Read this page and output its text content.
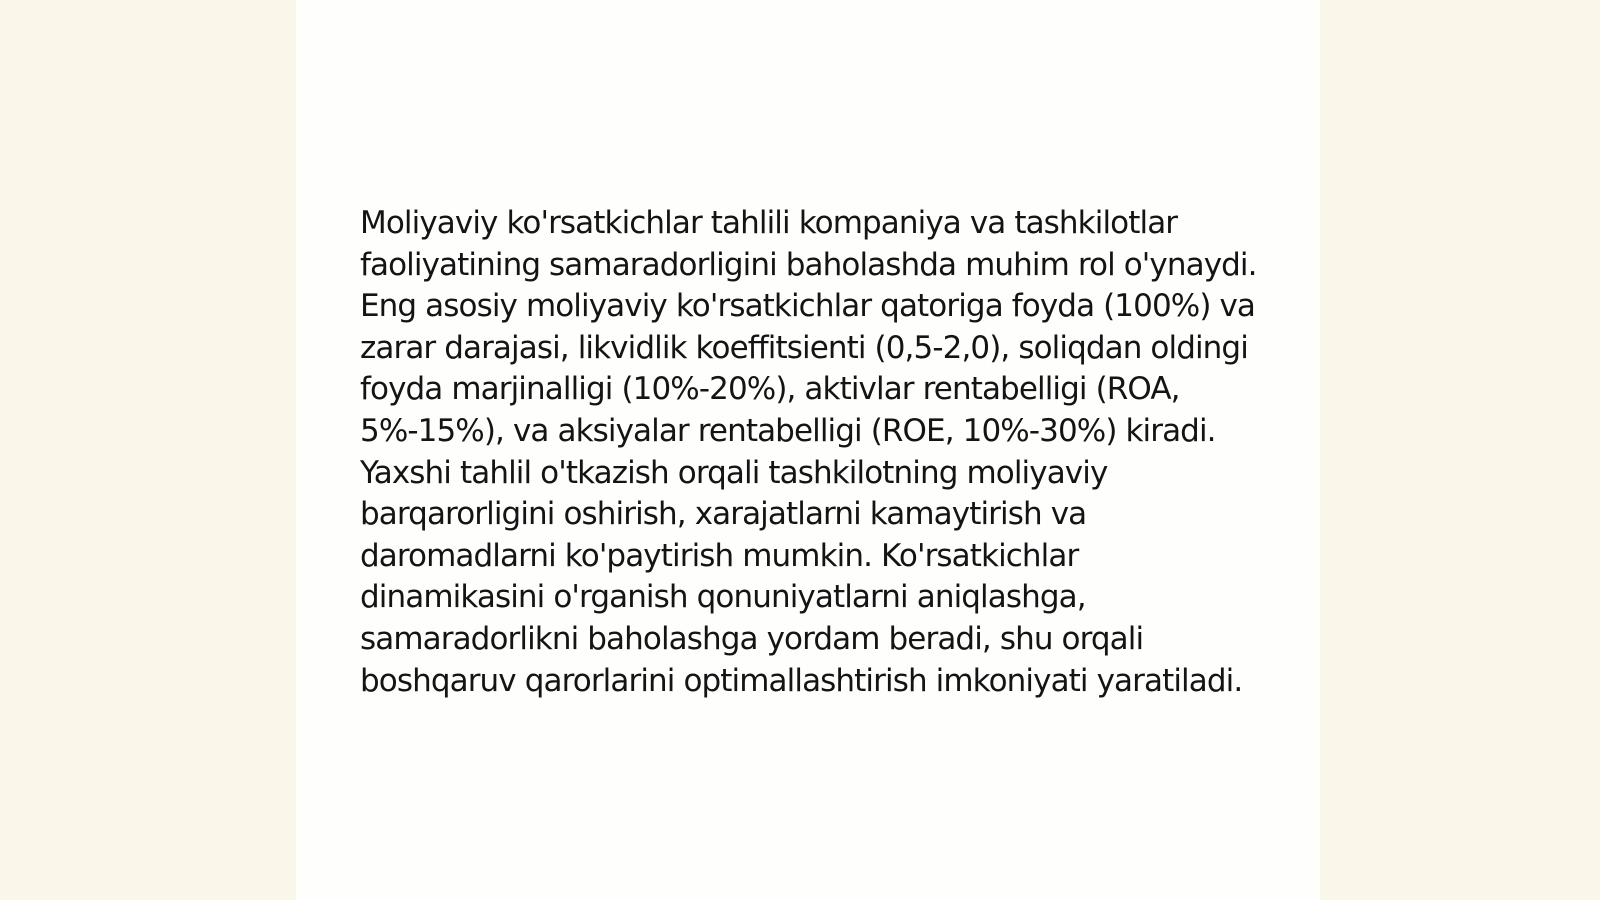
Moliyaviy ko'rsatkichlar tahlili kompaniya va tashkilotlar faoliyatining samaradorligini baholashda muhim rol o'ynaydi. Eng asosiy moliyaviy ko'rsatkichlar qatoriga foyda (100%) va zarar darajasi, likvidlik koeffitsienti (0,5-2,0), soliqdan oldingi foyda marjinalligi (10%-20%), aktivlar rentabelligi (ROA, 5%-15%), va aksiyalar rentabelligi (ROE, 10%-30%) kiradi. Yaxshi tahlil o'tkazish orqali tashkilotning moliyaviy barqarorligini oshirish, xarajatlarni kamaytirish va daromadlarni ko'paytirish mumkin. Ko'rsatkichlar dinamikasini o'rganish qonuniyatlarni aniqlashga, samaradorlikni baholashga yordam beradi, shu orqali boshqaruv qarorlarini optimallashtirish imkoniyati yaratiladi.
